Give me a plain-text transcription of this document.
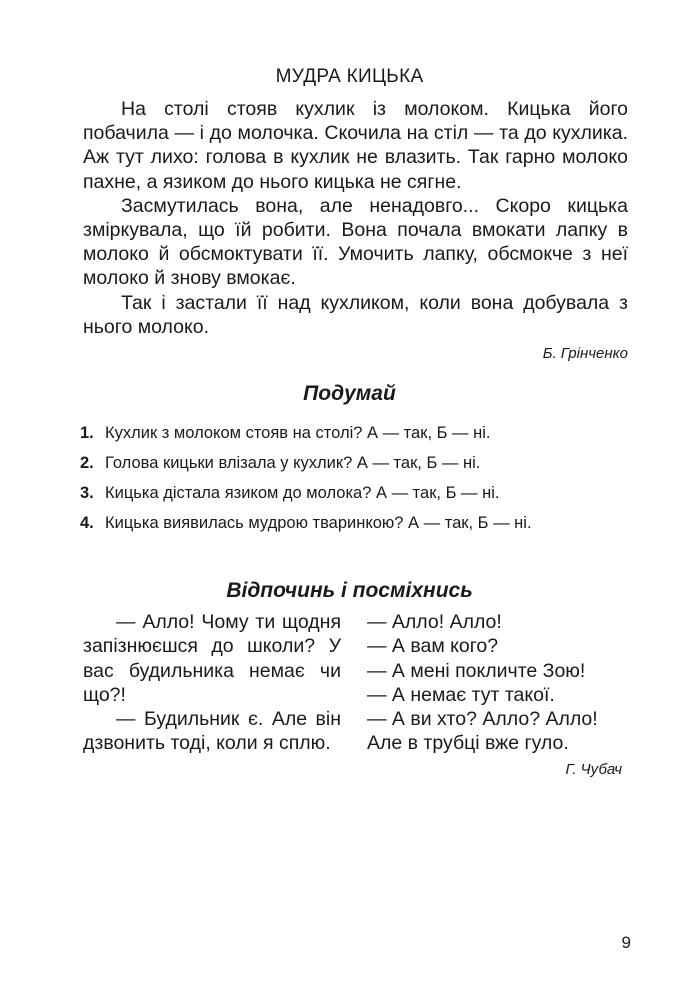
МУДРА КИЦЬКА

На столі стояв кухлик із молоком. Кицька його побачила — і до молочка. Скочила на стіл — та до кухлика. Аж тут лихо: голова в кухлик не влазить. Так гарно молоко пахне, а язиком до нього кицька не сягне.

Засмутилась вона, але ненадовго... Скоро кицька зміркувала, що їй робити. Вона почала вмокати лапку в молоко й обсмоктувати її. Умочить лапку, обсмокче з неї молоко й знову вмокає.

Так і застали її над кухликом, коли вона добувала з нього молоко.

Б. Грінченко

Подумай
1. Кухлик з молоком стояв на столі? А — так, Б — ні.
2. Голова кицьки влізала у кухлик? А — так, Б — ні.
3. Кицька дістала язиком до молока? А — так, Б — ні.
4. Кицька виявилась мудрою тваринкою? А — так, Б — ні.
Відпочинь і посміхнись

— Алло! Чому ти щодня запізнюєшся до школи? У вас будильника немає чи що?!

— Будильник є. Але він дзвонить тоді, коли я сплю.

— Алло! Алло!
— А вам кого?
— А мені покличте Зою!
— А немає тут такої.
— А ви хто? Алло? Алло!
Але в трубці вже гуло.

Г. Чубач

9
